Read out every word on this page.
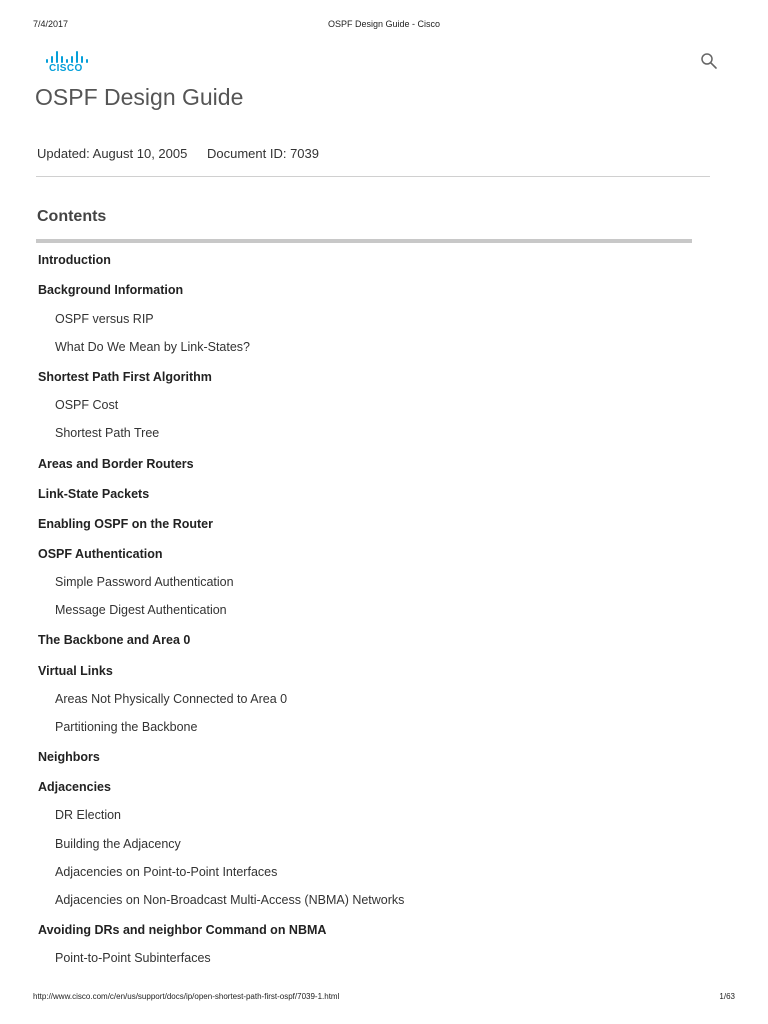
7/4/2017	OSPF Design Guide - Cisco
CISCO
OSPF Design Guide
Updated: August 10, 2005 Document ID: 7039
Contents
Introduction
Background Information
OSPF versus RIP
What Do We Mean by Link-States?
Shortest Path First Algorithm
OSPF Cost
Shortest Path Tree
Areas and Border Routers
Link-State Packets
Enabling OSPF on the Router
OSPF Authentication
Simple Password Authentication
Message Digest Authentication
The Backbone and Area 0
Virtual Links
Areas Not Physically Connected to Area 0
Partitioning the Backbone
Neighbors
Adjacencies
DR Election
Building the Adjacency
Adjacencies on Point-to-Point Interfaces
Adjacencies on Non-Broadcast Multi-Access (NBMA) Networks
Avoiding DRs and neighbor Command on NBMA
Point-to-Point Subinterfaces
http://www.cisco.com/c/en/us/support/docs/ip/open-shortest-path-first-ospf/7039-1.html	1/63
